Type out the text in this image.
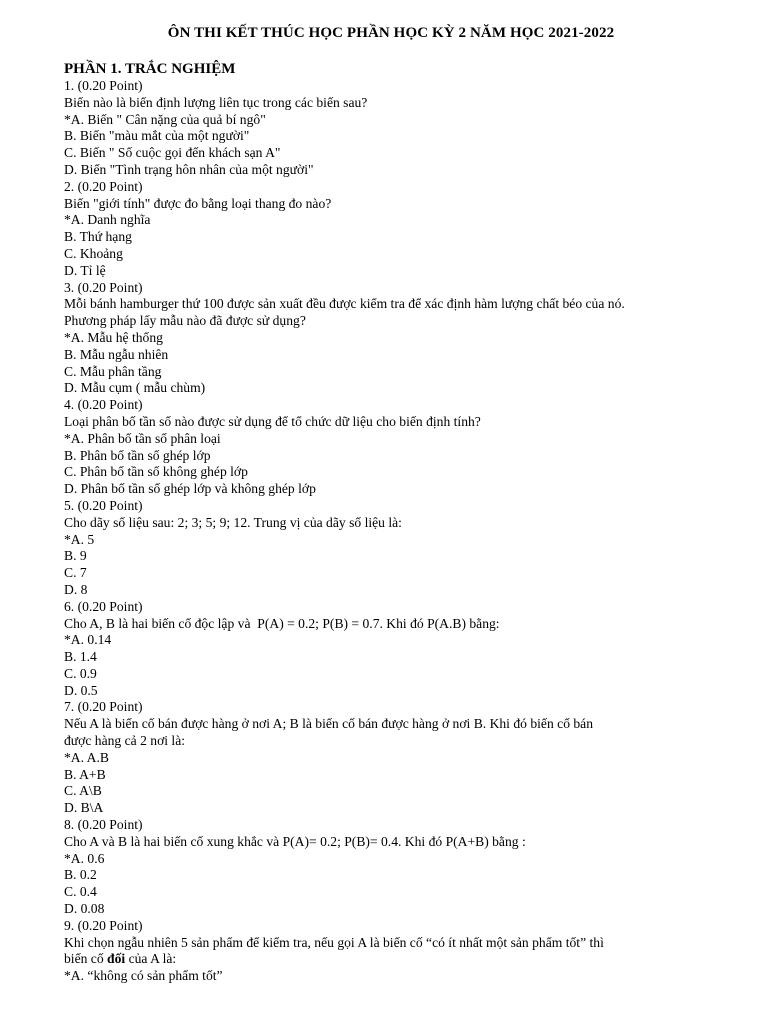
ÔN THI KẾT THÚC HỌC PHẦN HỌC KỲ 2 NĂM HỌC 2021-2022
PHẦN 1. TRẮC NGHIỆM
1. (0.20 Point)
Biến nào là biến định lượng liên tục trong các biến sau?
*A. Biến " Cân nặng của quả bí ngô"
B. Biến "màu mắt của một người"
C. Biến " Số cuộc gọi đến khách sạn A"
D. Biến "Tình trạng hôn nhân của một người"
2. (0.20 Point)
Biến "giới tính" được đo bằng loại thang đo nào?
*A. Danh nghĩa
B. Thứ hạng
C. Khoảng
D. Tỉ lệ
3. (0.20 Point)
Mỗi bánh hamburger thứ 100 được sản xuất đều được kiểm tra để xác định hàm lượng chất béo của nó.
Phương pháp lấy mẫu nào đã được sử dụng?
*A. Mẫu hệ thống
B. Mẫu ngẫu nhiên
C. Mẫu phân tầng
D. Mẫu cụm ( mẫu chùm)
4. (0.20 Point)
Loại phân bố tần số nào được sử dụng để tổ chức dữ liệu cho biến định tính?
*A. Phân bố tần số phân loại
B. Phân bố tần số ghép lớp
C. Phân bố tần số không ghép lớp
D. Phân bố tần số ghép lớp và không ghép lớp
5. (0.20 Point)
Cho dãy số liệu sau: 2; 3; 5; 9; 12. Trung vị của dãy số liệu là:
*A. 5
B. 9
C. 7
D. 8
6. (0.20 Point)
Cho A, B là hai biến cố độc lập và  P(A) = 0.2; P(B) = 0.7. Khi đó P(A.B) bằng:
*A. 0.14
B. 1.4
C. 0.9
D. 0.5
7. (0.20 Point)
Nếu A là biến cố bán được hàng ở nơi A; B là biến cố bán được hàng ở nơi B. Khi đó biến cố bán
được hàng cả 2 nơi là:
*A. A.B
B. A+B
C. A\B
D. B\A
8. (0.20 Point)
Cho A và B là hai biến cố xung khắc và P(A)= 0.2; P(B)= 0.4. Khi đó P(A+B) bằng :
*A. 0.6
B. 0.2
C. 0.4
D. 0.08
9. (0.20 Point)
Khi chọn ngẫu nhiên 5 sản phẩm để kiểm tra, nếu gọi A là biến cố “có ít nhất một sản phẩm tốt” thì
biến cố đối của A là:
*A. “không có sản phẩm tốt”
